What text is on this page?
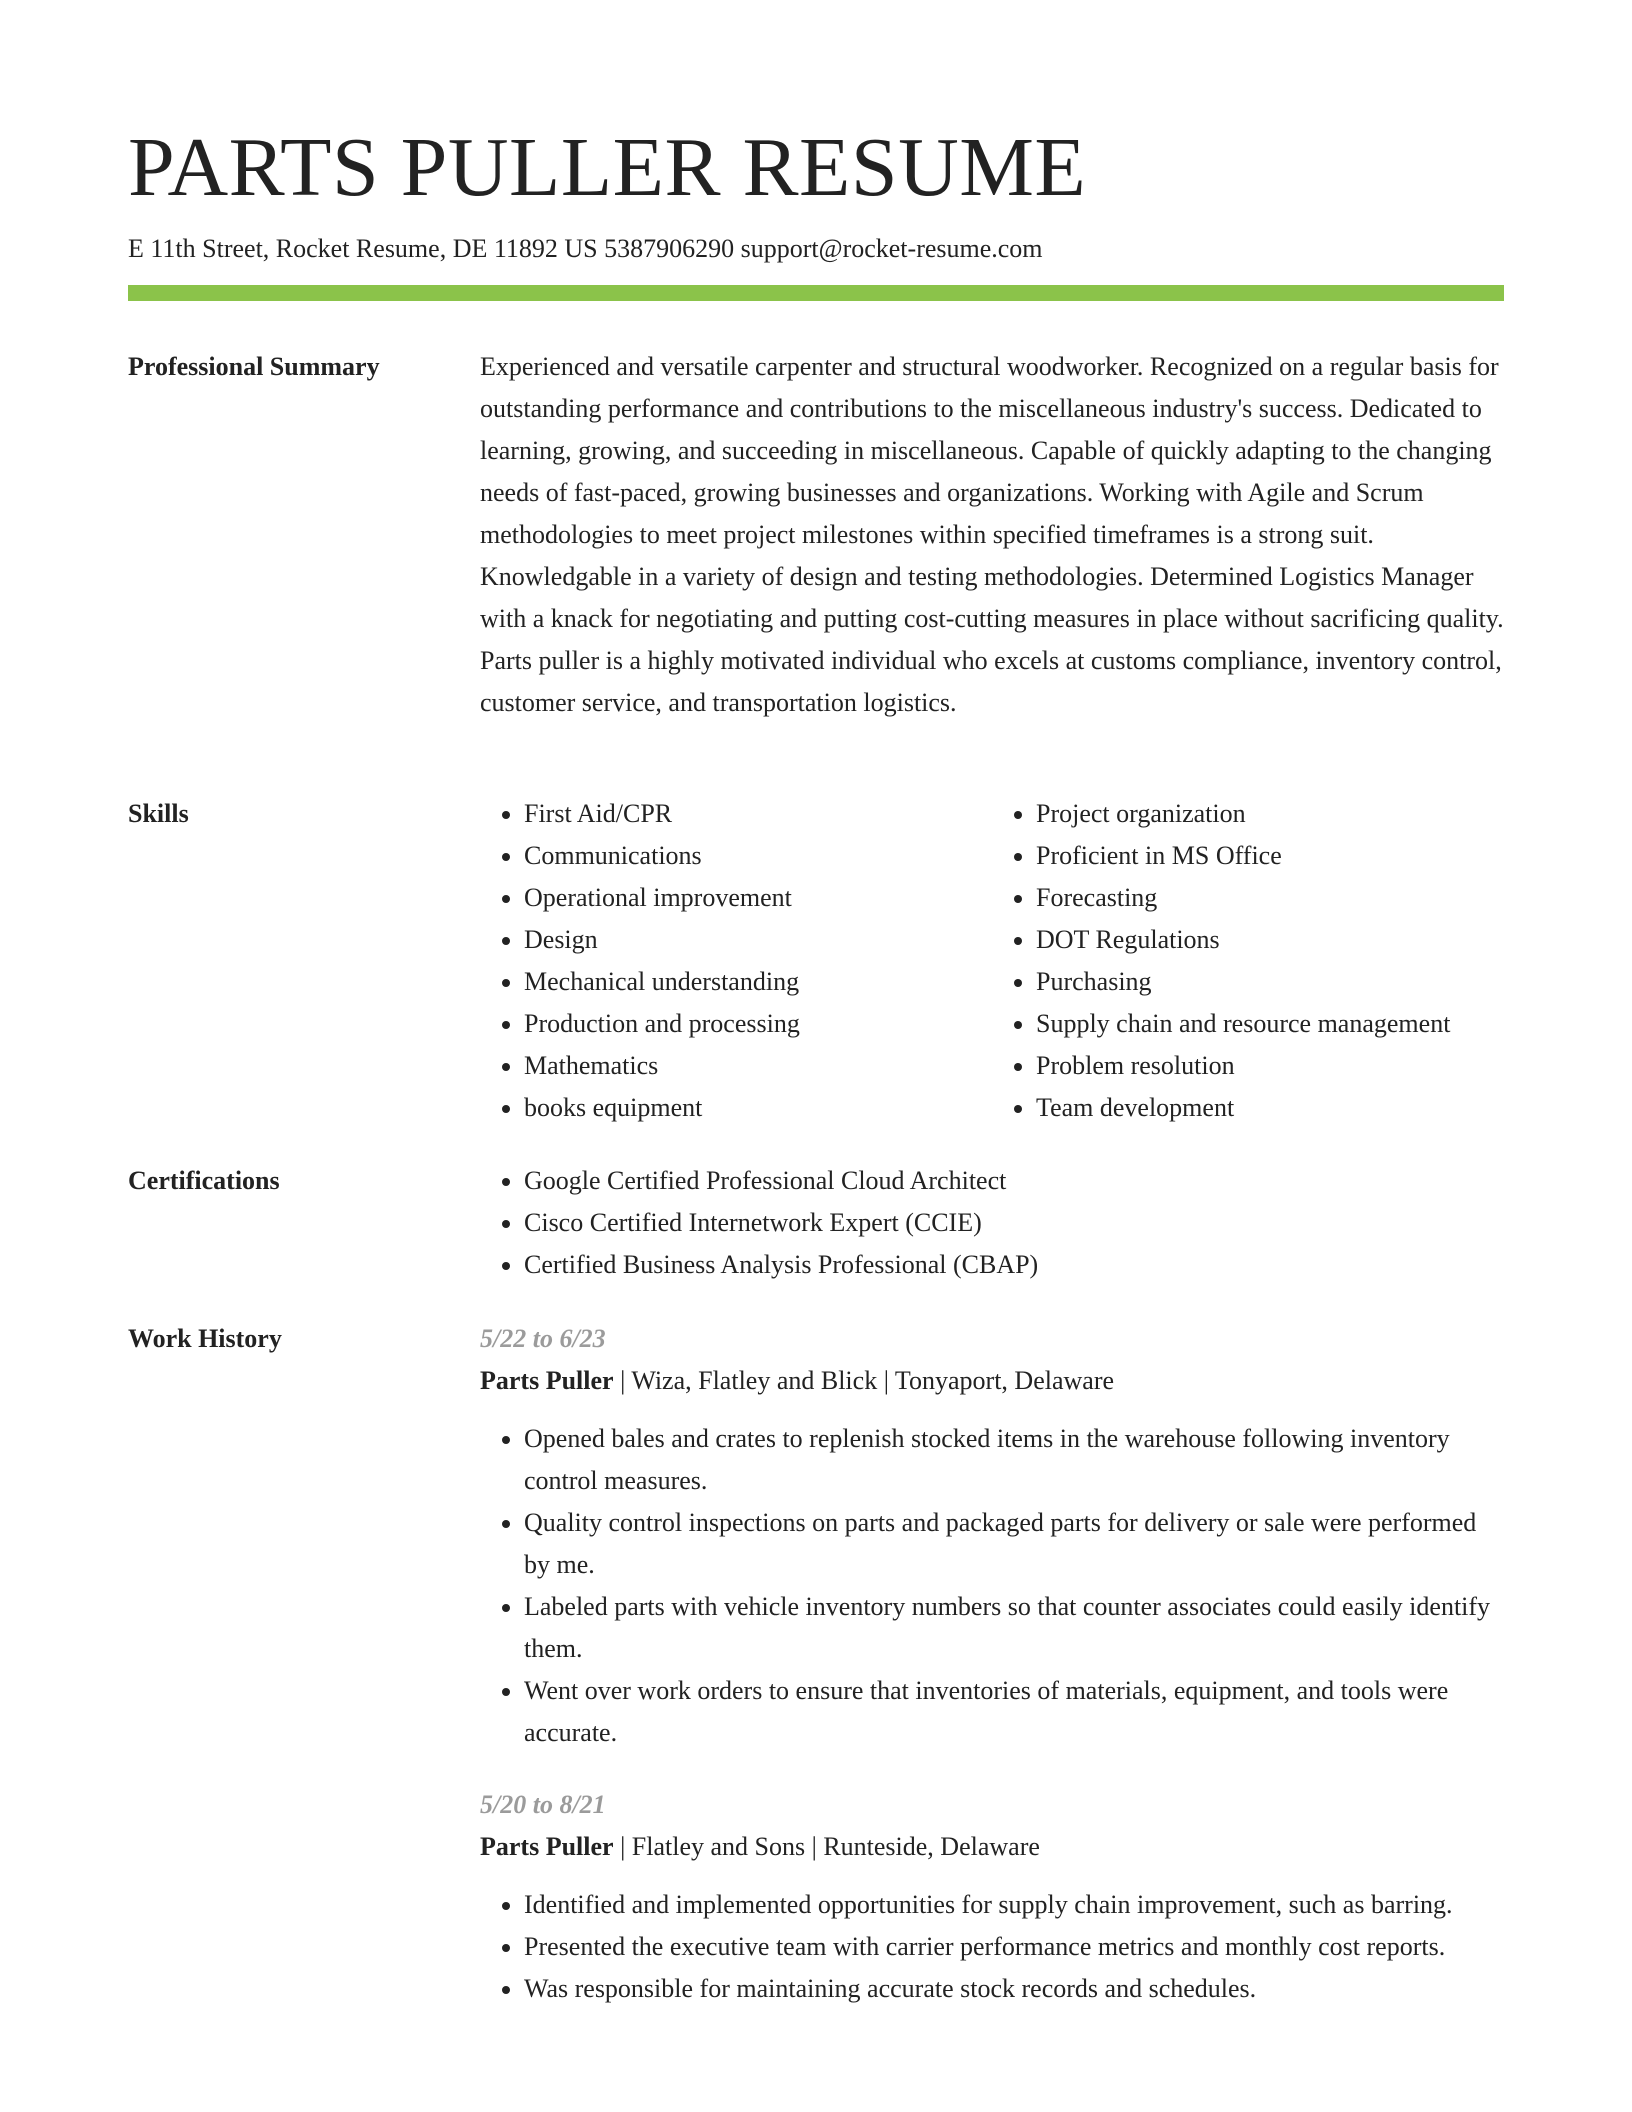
PARTS PULLER RESUME
E 11th Street, Rocket Resume, DE 11892 US 5387906290 support@rocket-resume.com
Professional Summary	Experienced and versatile carpenter and structural woodworker. Recognized on a regular basis for outstanding performance and contributions to the miscellaneous industry's success. Dedicated to learning, growing, and succeeding in miscellaneous. Capable of quickly adapting to the changing needs of fast-paced, growing businesses and organizations. Working with Agile and Scrum methodologies to meet project milestones within specified timeframes is a strong suit. Knowledgable in a variety of design and testing methodologies. Determined Logistics Manager with a knack for negotiating and putting cost-cutting measures in place without sacrificing quality. Parts puller is a highly motivated individual who excels at customs compliance, inventory control, customer service, and transportation logistics.

Skills	• First Aid/CPR
• Communications
• Operational improvement
• Design
• Mechanical understanding
• Production and processing
• Mathematics
• books equipment
• Project organization
• Proficient in MS Office
• Forecasting
• DOT Regulations
• Purchasing
• Supply chain and resource management
• Problem resolution
• Team development
Certifications	• Google Certified Professional Cloud Architect
• Cisco Certified Internetwork Expert (CCIE)
• Certified Business Analysis Professional (CBAP)
Work History	5/22 to 6/23
Parts Puller | Wiza, Flatley and Blick | Tonyaport, Delaware
• Opened bales and crates to replenish stocked items in the warehouse following inventory control measures.
• Quality control inspections on parts and packaged parts for delivery or sale were performed by me.
• Labeled parts with vehicle inventory numbers so that counter associates could easily identify them.
• Went over work orders to ensure that inventories of materials, equipment, and tools were accurate.
5/20 to 8/21
Parts Puller | Flatley and Sons | Runteside, Delaware
• Identified and implemented opportunities for supply chain improvement, such as barring.
• Presented the executive team with carrier performance metrics and monthly cost reports.
• Was responsible for maintaining accurate stock records and schedules.
